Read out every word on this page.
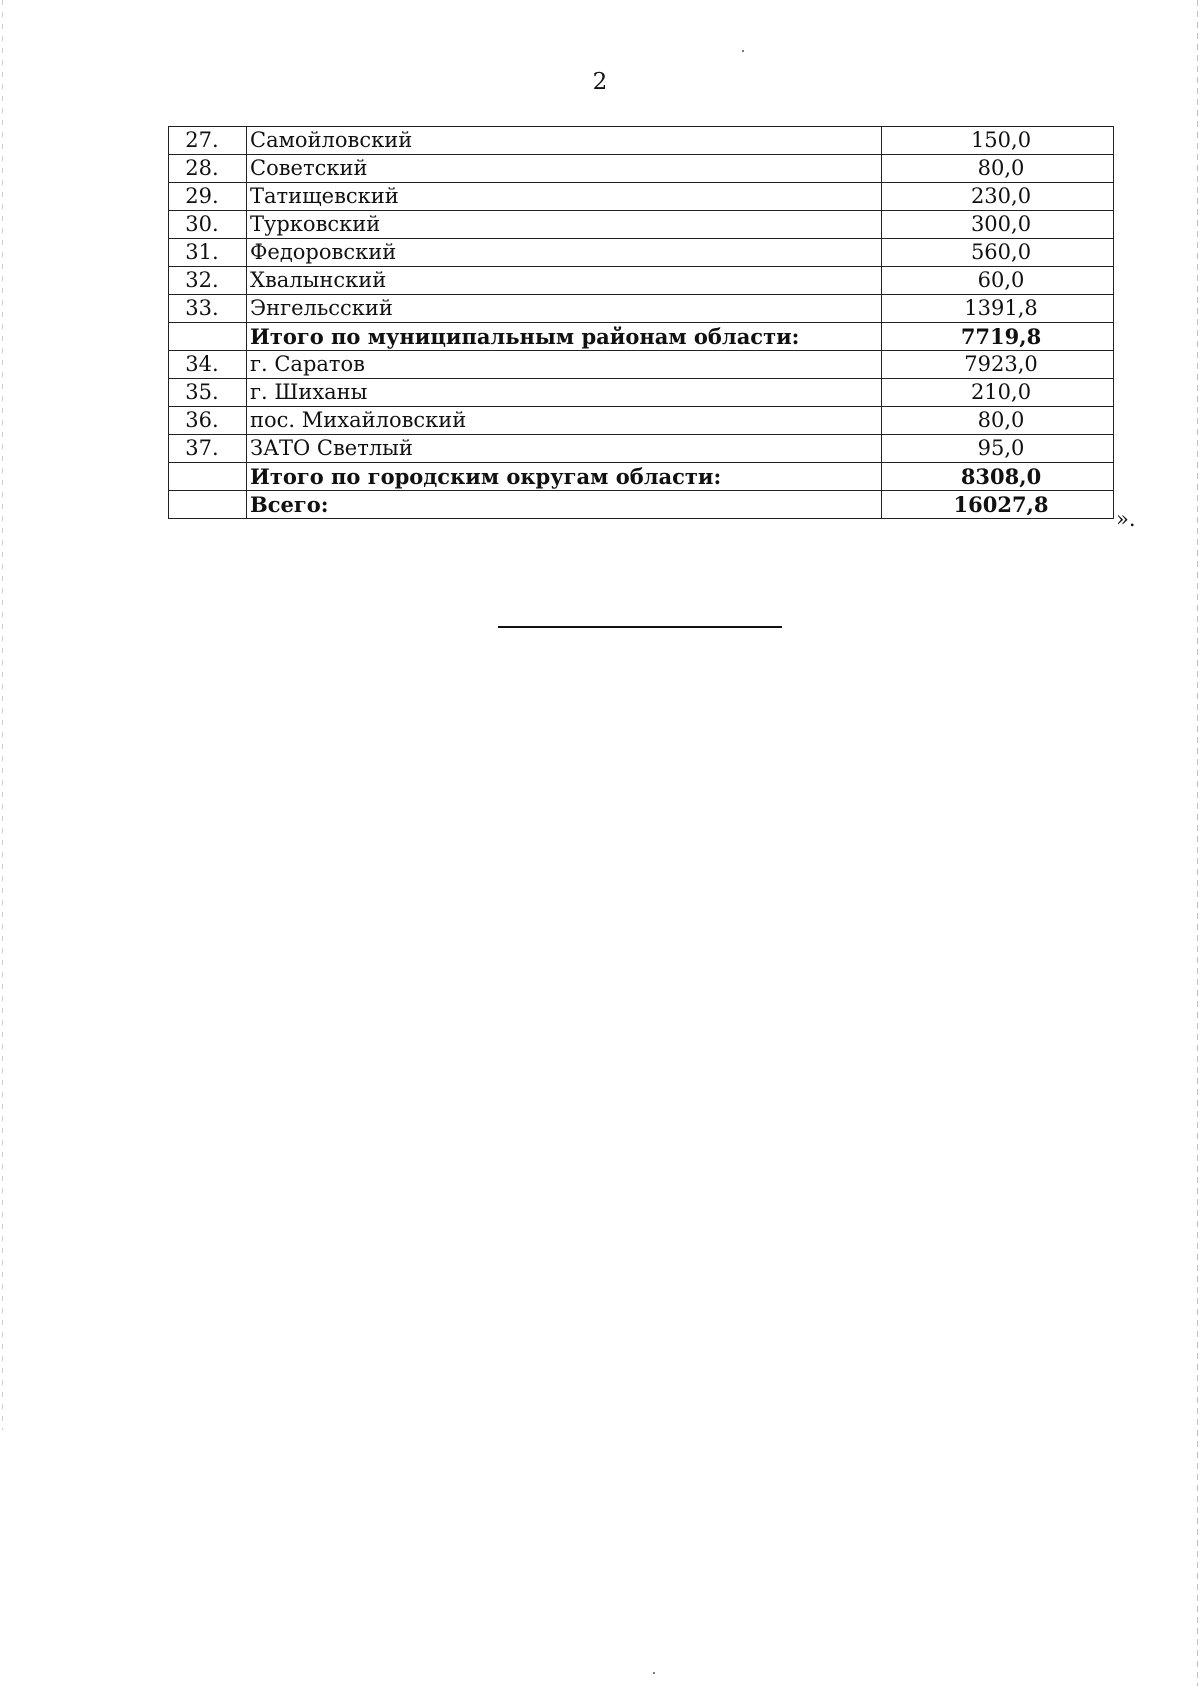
2
27.	Самойловский	150,0
28.	Советский	80,0
29.	Татищевский	230,0
30.	Турковский	300,0
31.	Федоровский	560,0
32.	Хвалынский	60,0
33.	Энгельсский	1391,8
	Итого по муниципальным районам области:	7719,8
34.	г. Саратов	7923,0
35.	г. Шиханы	210,0
36.	пос. Михайловский	80,0
37.	ЗАТО Светлый	95,0
	Итого по городским округам области:	8308,0
	Всего:	16027,8
».
